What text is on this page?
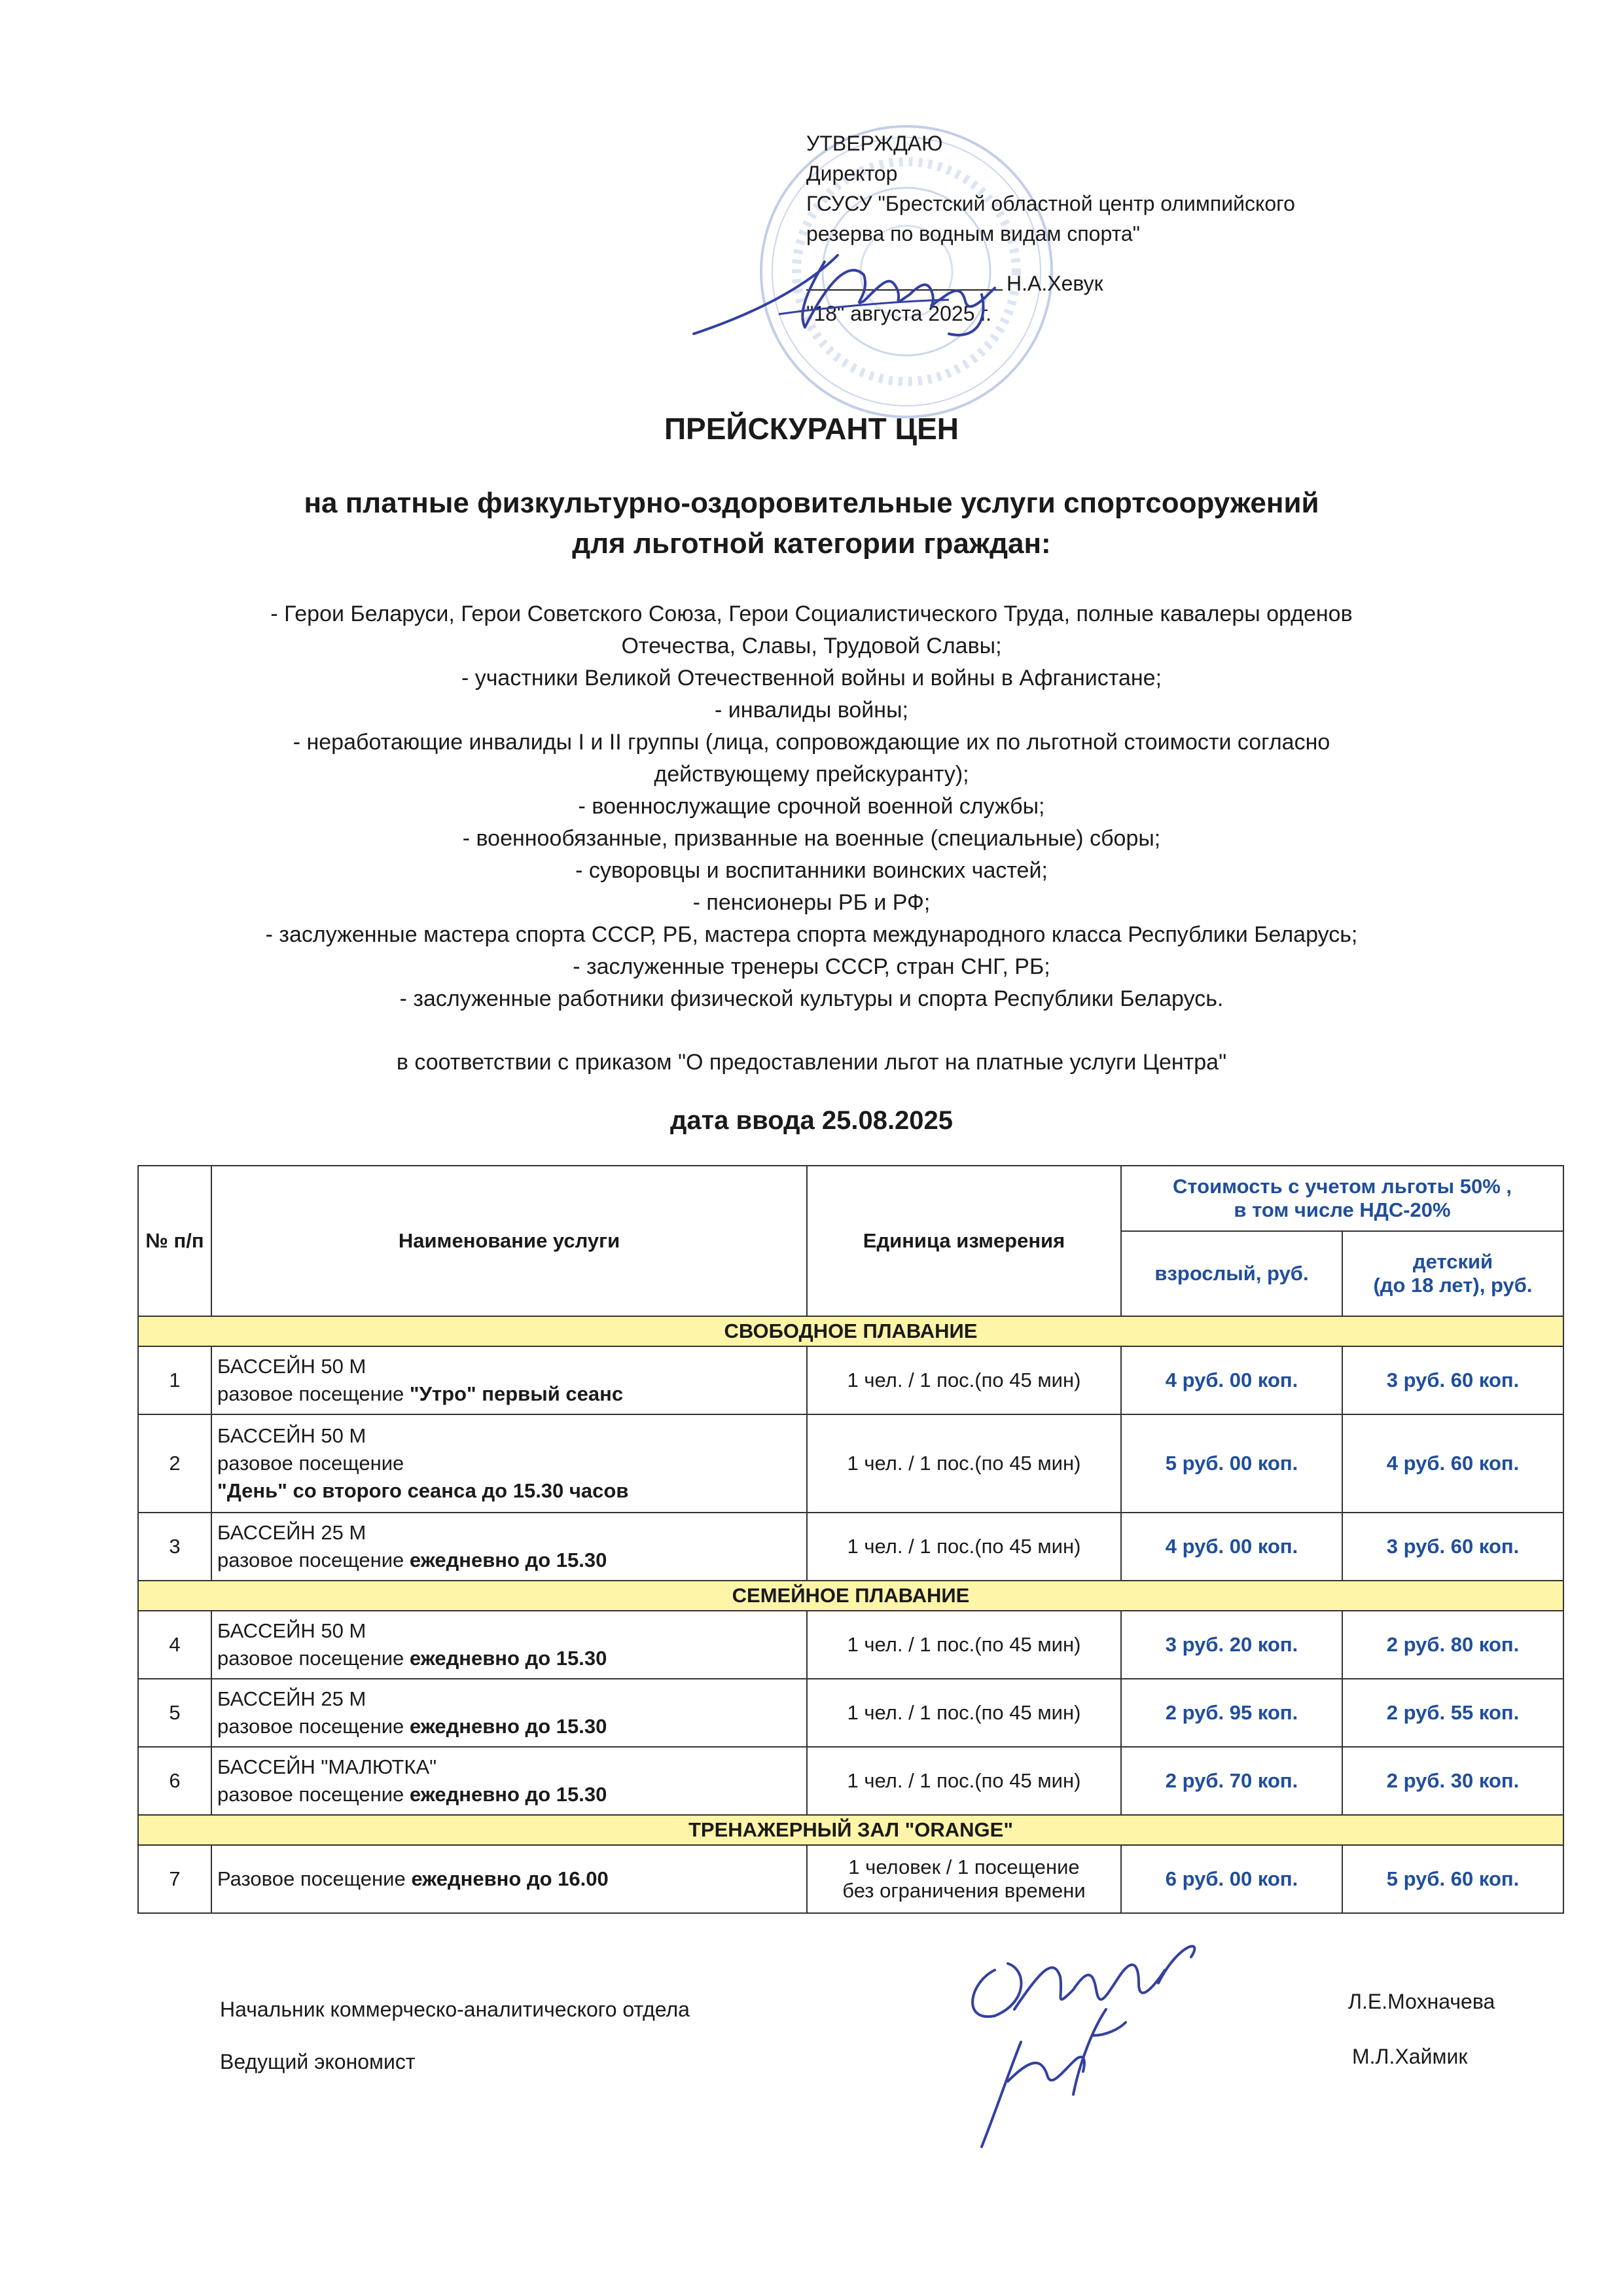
УТВЕРЖДАЮ
Директор
ГСУСУ "Брестский областной центр олимпийского
резерва по водным видам спорта"
Н.А.Хевук
"18" августа 2025 г.
ПРЕЙСКУРАНТ ЦЕН
на платные физкультурно-оздоровительные услуги спортсооружений
для льготной категории граждан:
- Герои Беларуси, Герои Советского Союза, Герои Социалистического Труда, полные кавалеры орденов
Отечества, Славы, Трудовой Славы;
- участники Великой Отечественной войны и войны в Афганистане;
- инвалиды войны;
- неработающие инвалиды I и II группы (лица, сопровождающие их по льготной стоимости согласно
действующему прейскуранту);
- военнослужащие срочной военной службы;
- военнообязанные, призванные на военные (специальные) сборы;
- суворовцы и воспитанники воинских частей;
- пенсионеры РБ и РФ;
- заслуженные мастера спорта СССР, РБ, мастера спорта международного класса Республики Беларусь;
- заслуженные тренеры СССР, стран СНГ, РБ;
- заслуженные работники физической культуры и спорта Республики Беларусь.
в соответствии с приказом "О предоставлении льгот на платные услуги Центра"
дата ввода 25.08.2025
№ п/п	Наименование услуги	Единица измерения	Стоимость с учетом льготы 50% ,
в том числе НДС-20%	

			взрослый, руб.	детский
(до 18 лет), руб.

СВОБОДНОЕ ПЛАВАНИЕ				
1	БАССЕЙН 50 М
разовое посещение "Утро" первый сеанс	1 чел. / 1 пос.(по 45 мин)	4 руб. 00 коп.	3 руб. 60 коп.
2	БАССЕЙН 50 М
разовое посещение
"День" со второго сеанса до 15.30 часов	1 чел. / 1 пос.(по 45 мин)	5 руб. 00 коп.	4 руб. 60 коп.
3	БАССЕЙН 25 М
разовое посещение ежедневно до 15.30	1 чел. / 1 пос.(по 45 мин)	4 руб. 00 коп.	3 руб. 60 коп.
СЕМЕЙНОЕ ПЛАВАНИЕ				
4	БАССЕЙН 50 М
разовое посещение ежедневно до 15.30	1 чел. / 1 пос.(по 45 мин)	3 руб. 20 коп.	2 руб. 80 коп.
5	БАССЕЙН 25 М
разовое посещение ежедневно до 15.30	1 чел. / 1 пос.(по 45 мин)	2 руб. 95 коп.	2 руб. 55 коп.
6	БАССЕЙН "МАЛЮТКА"
разовое посещение ежедневно до 15.30	1 чел. / 1 пос.(по 45 мин)	2 руб. 70 коп.	2 руб. 30 коп.
ТРЕНАЖЕРНЫЙ ЗАЛ "ORANGE"				
7	Разовое посещение ежедневно до 16.00	1 человек / 1 посещение
без ограничения времени	6 руб. 00 коп.	5 руб. 60 коп.
Начальник коммерческо-аналитического отдела	Л.Е.Мохначева
Ведущий экономист	М.Л.Хаймик
